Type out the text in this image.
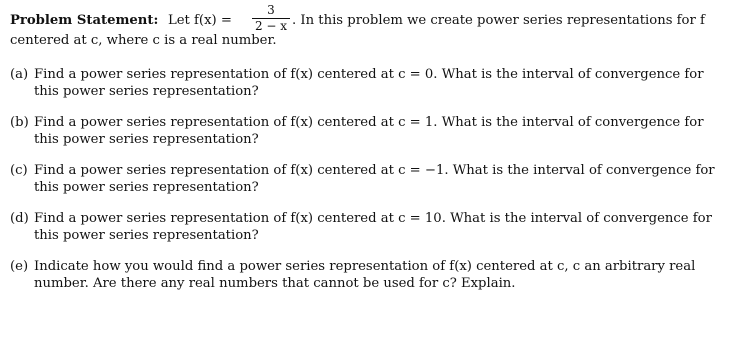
Problem Statement: Let f(x) =
3
2 − x . In this problem we create power series representations for f
centered at c, where c is a real number.
(a) Find a power series representation of f(x) centered at c = 0. What is the interval of convergence for
this power series representation?
(b) Find a power series representation of f(x) centered at c = 1. What is the interval of convergence for
this power series representation?
(c) Find a power series representation of f(x) centered at c = −1. What is the interval of convergence for
this power series representation?
(d) Find a power series representation of f(x) centered at c = 10. What is the interval of convergence for
this power series representation?
(e) Indicate how you would find a power series representation of f(x) centered at c, c an arbitrary real
number. Are there any real numbers that cannot be used for c? Explain.
